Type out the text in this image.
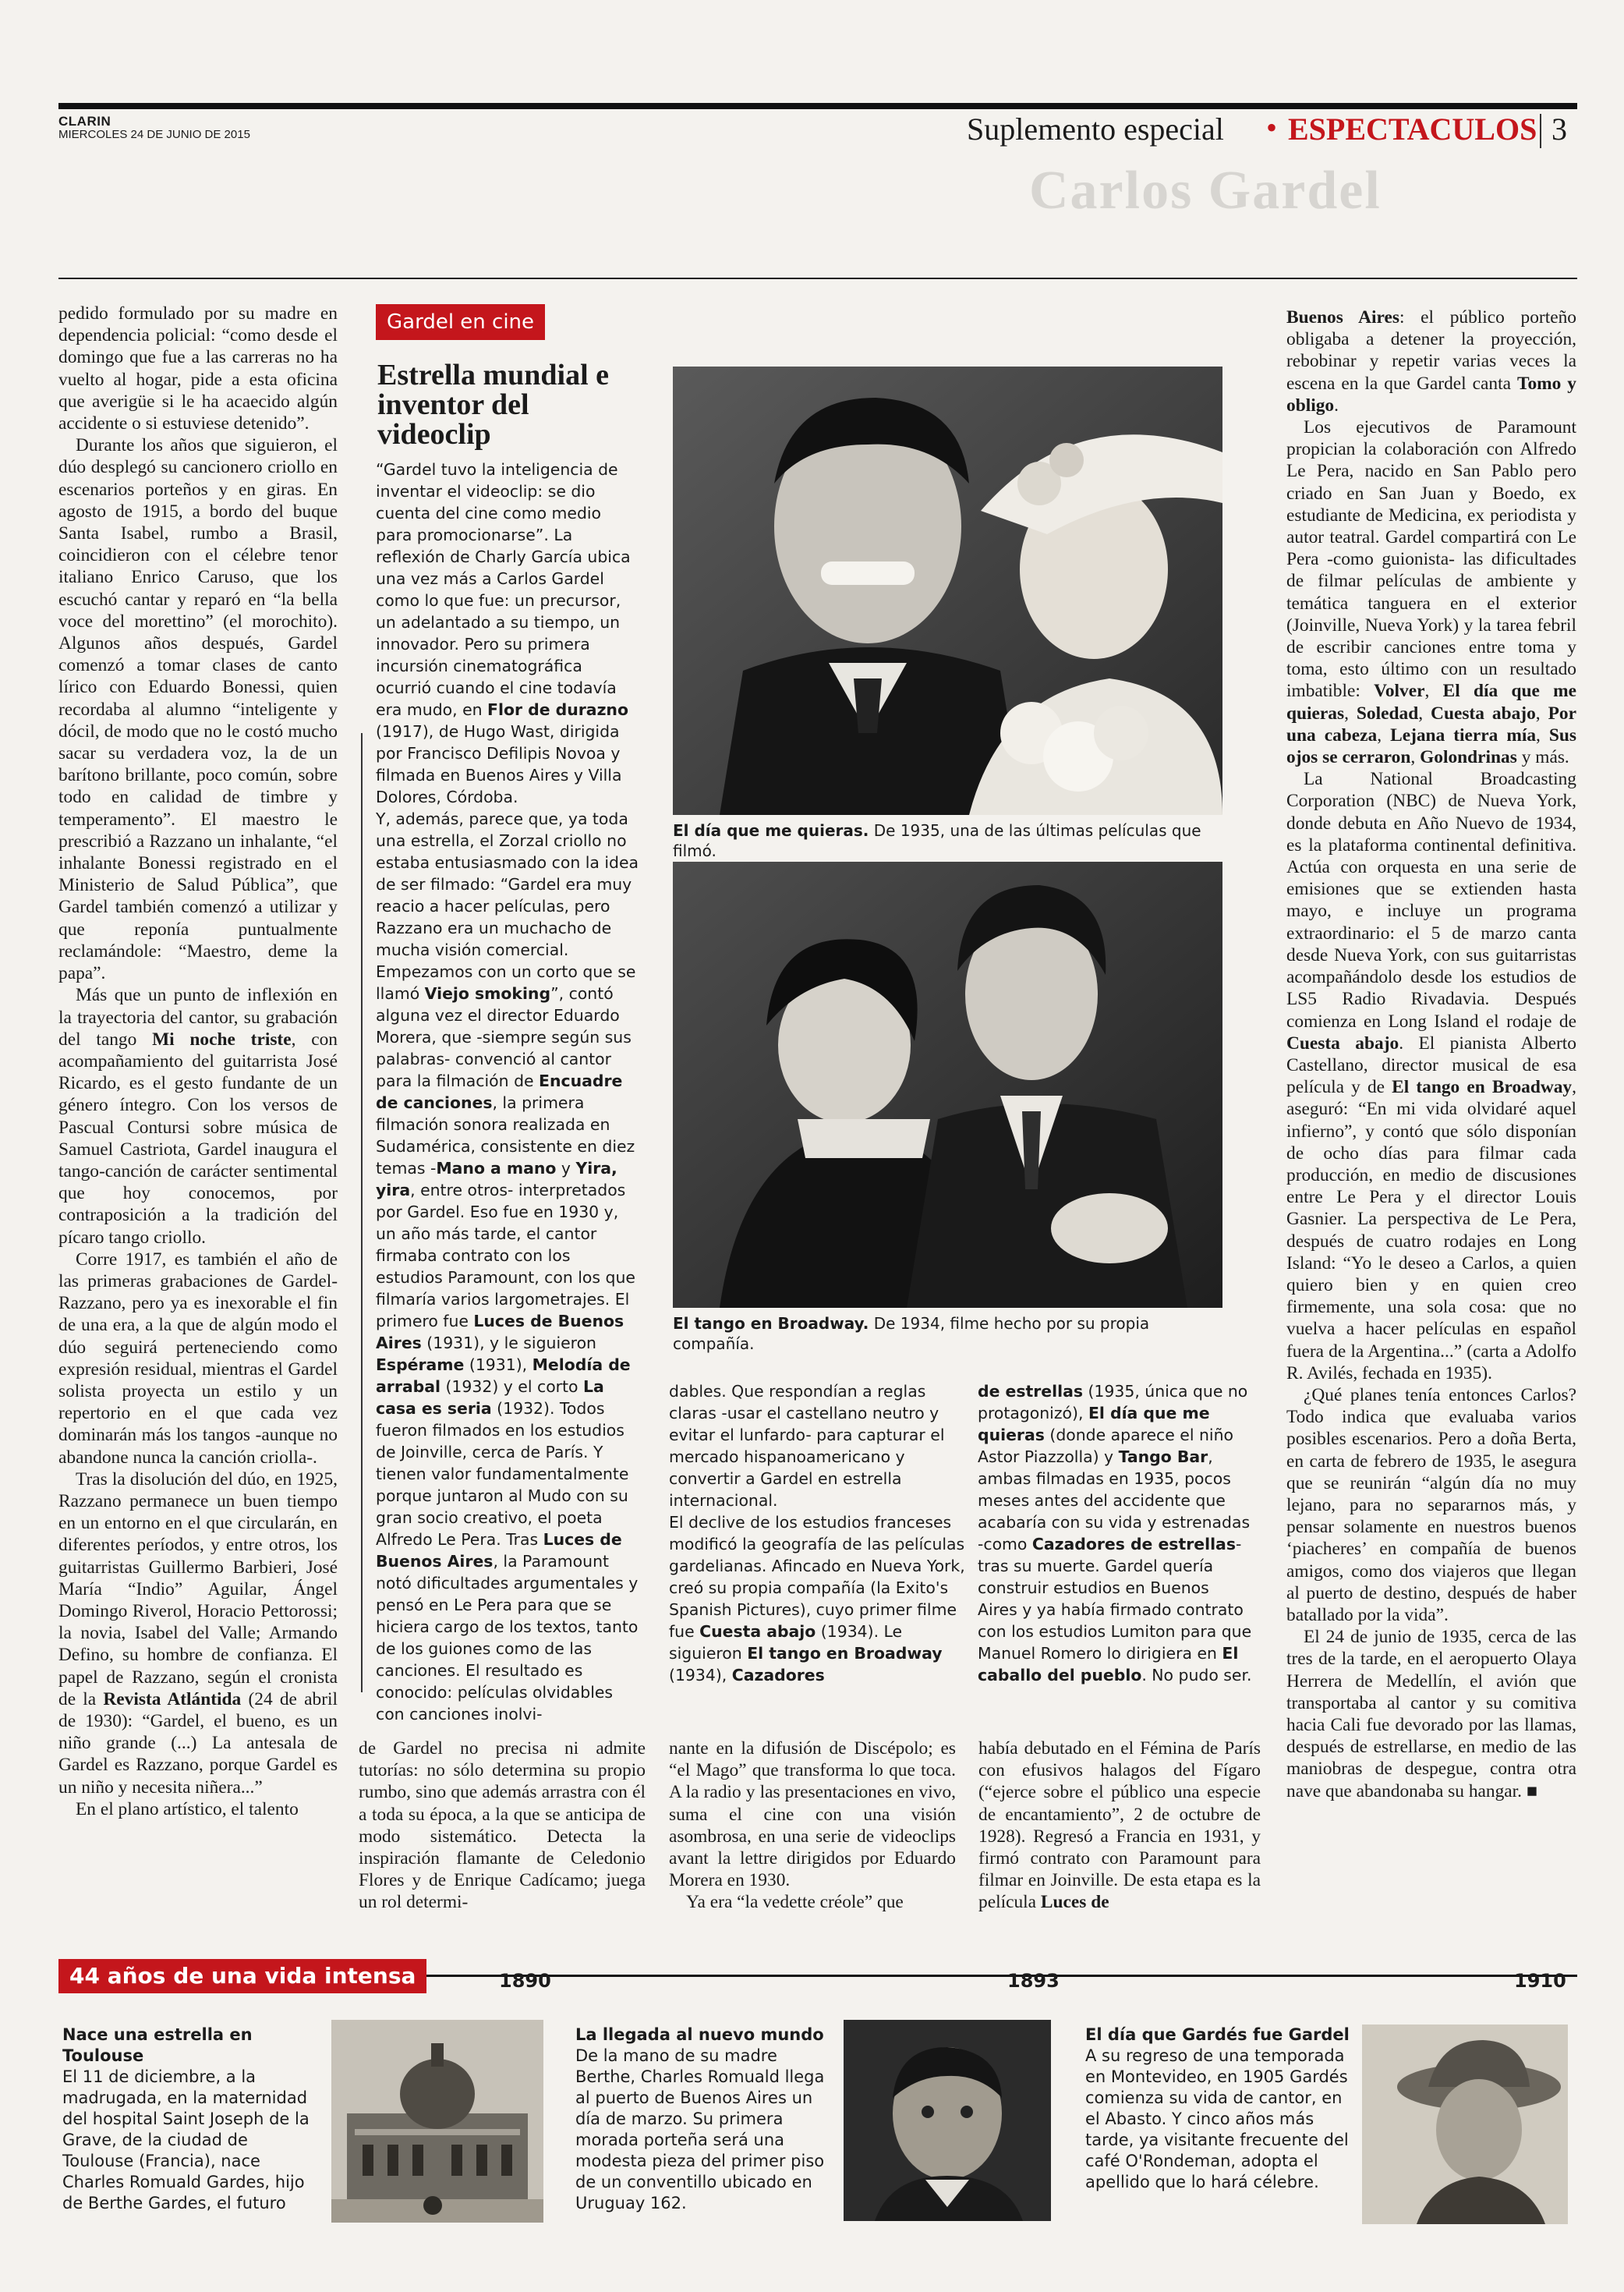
CLARIN
MIERCOLES 24 DE JUNIO DE 2015	Suplemento especial • ESPECTACULOS 3
Carlos Gardel

pedido formulado por su madre en dependencia policial: “como desde el domingo que fue a las carreras no ha vuelto al hogar, pide a esta oficina que averigüe si le ha acaecido algún accidente o si estuviese detenido”.

Durante los años que siguieron, el dúo desplegó su cancionero criollo en escenarios porteños y en giras. En agosto de 1915, a bordo del buque Santa Isabel, rumbo a Brasil, coincidieron con el célebre tenor italiano Enrico Caruso, que los escuchó cantar y reparó en “la bella voce del morettino” (el morochito). Algunos años después, Gardel comenzó a tomar clases de canto lírico con Eduardo Bonessi, quien recordaba al alumno “inteligente y dócil, de modo que no le costó mucho sacar su verdadera voz, la de un barítono brillante, poco común, sobre todo en calidad de timbre y temperamento”. El maestro le prescribió a Razzano un inhalante, “el inhalante Bonessi registrado en el Ministerio de Salud Pública”, que Gardel también comenzó a utilizar y que reponía puntualmente reclamándole: “Maestro, deme la papa”.

Más que un punto de inflexión en la trayectoria del cantor, su grabación del tango Mi noche triste, con acompañamiento del guitarrista José Ricardo, es el gesto fundante de un género íntegro. Con los versos de Pascual Contursi sobre música de Samuel Castriota, Gardel inaugura el tango-canción de carácter sentimental que hoy conocemos, por contraposición a la tradición del pícaro tango criollo.

Corre 1917, es también el año de las primeras grabaciones de Gardel-Razzano, pero ya es inexorable el fin de una era, a la que de algún modo el dúo seguirá perteneciendo como expresión residual, mientras el Gardel solista proyecta un estilo y un repertorio en el que cada vez dominarán más los tangos -aunque no abandone nunca la canción criolla-.

Tras la disolución del dúo, en 1925, Razzano permanece un buen tiempo en un entorno en el que circularán, en diferentes períodos, y entre otros, los guitarristas Guillermo Barbieri, José María “Indio” Aguilar, Ángel Domingo Riverol, Horacio Pettorossi; la novia, Isabel del Valle; Armando Defino, su hombre de confianza. El papel de Razzano, según el cronista de la Revista Atlántida (24 de abril de 1930): “Gardel, el bueno, es un niño grande (...) La antesala de Gardel es Razzano, porque Gardel es un niño y necesita niñera...”

En el plano artístico, el talento

Gardel en cine
Estrella mundial e inventor del videoclip

“Gardel tuvo la inteligencia de inventar el videoclip: se dio cuenta del cine como medio para promocionarse”. La reflexión de Charly García ubica una vez más a Carlos Gardel como lo que fue: un precursor, un adelantado a su tiempo, un innovador. Pero su primera incursión cinematográfica ocurrió cuando el cine todavía era mudo, en Flor de durazno (1917), de Hugo Wast, dirigida por Francisco Defilipis Novoa y filmada en Buenos Aires y Villa Dolores, Córdoba.

Y, además, parece que, ya toda una estrella, el Zorzal criollo no estaba entusiasmado con la idea de ser filmado: “Gardel era muy reacio a hacer películas, pero Razzano era un muchacho de mucha visión comercial. Empezamos con un corto que se llamó Viejo smoking”, contó alguna vez el director Eduardo Morera, que -siempre según sus palabras- convenció al cantor para la filmación de Encuadre de canciones, la primera filmación sonora realizada en Sudamérica, consistente en diez temas -Mano a mano y Yira, yira, entre otros- interpretados por Gardel. Eso fue en 1930 y, un año más tarde, el cantor firmaba contrato con los estudios Paramount, con los que filmaría varios largometrajes. El primero fue Luces de Buenos Aires (1931), y le siguieron Espérame (1931), Melodía de arrabal (1932) y el corto La casa es seria (1932). Todos fueron filmados en los estudios de Joinville, cerca de París. Y tienen valor fundamentalmente porque juntaron al Mudo con su gran socio creativo, el poeta Alfredo Le Pera. Tras Luces de Buenos Aires, la Paramount notó dificultades argumentales y pensó en Le Pera para que se hiciera cargo de los textos, tanto de los guiones como de las canciones. El resultado es conocido: películas olvidables con canciones inolvi-

dables. Que respondían a reglas claras -usar el castellano neutro y evitar el lunfardo- para capturar el mercado hispanoamericano y convertir a Gardel en estrella internacional.

El declive de los estudios franceses modificó la geografía de las películas gardelianas. Afincado en Nueva York, creó su propia compañía (la Exito's Spanish Pictures), cuyo primer filme fue Cuesta abajo (1934). Le siguieron El tango en Broadway (1934), Cazadores

de estrellas (1935, única que no protagonizó), El día que me quieras (donde aparece el niño Astor Piazzolla) y Tango Bar, ambas filmadas en 1935, pocos meses antes del accidente que acabaría con su vida y estrenadas -como Cazadores de estrellas- tras su muerte. Gardel quería construir estudios en Buenos Aires y ya había firmado contrato con los estudios Lumiton para que Manuel Romero lo dirigiera en El caballo del pueblo. No pudo ser.

El día que me quieras. De 1935, una de las últimas películas que filmó.
El tango en Broadway. De 1934, filme hecho por su propia compañía.

de Gardel no precisa ni admite tutorías: no sólo determina su propio rumbo, sino que además arrastra con él a toda su época, a la que se anticipa de modo sistemático. Detecta la inspiración flamante de Celedonio Flores y de Enrique Cadícamo; juega un rol determi-

nante en la difusión de Discépolo; es “el Mago” que transforma lo que toca. A la radio y las presentaciones en vivo, suma el cine con una visión asombrosa, en una serie de videoclips avant la lettre dirigidos por Eduardo Morera en 1930.

Ya era “la vedette créole” que

había debutado en el Fémina de París con efusivos halagos del Fígaro (“ejerce sobre el público una especie de encantamiento”, 2 de octubre de 1928). Regresó a Francia en 1931, y firmó contrato con Paramount para filmar en Joinville. De esta etapa es la película Luces de

Buenos Aires: el público porteño obligaba a detener la proyección, rebobinar y repetir varias veces la escena en la que Gardel canta Tomo y obligo.

Los ejecutivos de Paramount propician la colaboración con Alfredo Le Pera, nacido en San Pablo pero criado en San Juan y Boedo, ex estudiante de Medicina, ex periodista y autor teatral. Gardel compartirá con Le Pera -como guionista- las dificultades de filmar películas de ambiente y temática tanguera en el exterior (Joinville, Nueva York) y la tarea febril de escribir canciones entre toma y toma, esto último con un resultado imbatible: Volver, El día que me quieras, Soledad, Cuesta abajo, Por una cabeza, Lejana tierra mía, Sus ojos se cerraron, Golondrinas y más.

La National Broadcasting Corporation (NBC) de Nueva York, donde debuta en Año Nuevo de 1934, es la plataforma continental definitiva. Actúa con orquesta en una serie de emisiones que se extienden hasta mayo, e incluye un programa extraordinario: el 5 de marzo canta desde Nueva York, con sus guitarristas acompañándolo desde los estudios de LS5 Radio Rivadavia. Después comienza en Long Island el rodaje de Cuesta abajo. El pianista Alberto Castellano, director musical de esa película y de El tango en Broadway, aseguró: “En mi vida olvidaré aquel infierno”, y contó que sólo disponían de ocho días para filmar cada producción, en medio de discusiones entre Le Pera y el director Louis Gasnier. La perspectiva de Le Pera, después de cuatro rodajes en Long Island: “Yo le deseo a Carlos, a quien quiero bien y en quien creo firmemente, una sola cosa: que no vuelva a hacer películas en español fuera de la Argentina...” (carta a Adolfo R. Avilés, fechada en 1935).

¿Qué planes tenía entonces Carlos? Todo indica que evaluaba varios posibles escenarios. Pero a doña Berta, en carta de febrero de 1935, le asegura que se reunirán “algún día no muy lejano, para no separarnos más, y pensar solamente en nuestros buenos ‘piacheres’ en compañía de buenos amigos, como dos viajeros que llegan al puerto de destino, después de haber batallado por la vida”.

El 24 de junio de 1935, cerca de las tres de la tarde, en el aeropuerto Olaya Herrera de Medellín, el avión que transportaba al cantor y su comitiva hacia Cali fue devorado por las llamas, después de estrellarse, en medio de las maniobras de despegue, contra otra nave que abandonaba su hangar. ■

44 años de una vida intensa	1890	1893	1910

Nace una estrella en Toulouse

El 11 de diciembre, a la madrugada, en la maternidad del hospital Saint Joseph de la Grave, de la ciudad de Toulouse (Francia), nace Charles Romuald Gardes, hijo de Berthe Gardes, el futuro

La llegada al nuevo mundo

De la mano de su madre Berthe, Charles Romuald llega al puerto de Buenos Aires un día de marzo. Su primera morada porteña será una modesta pieza del primer piso de un conventillo ubicado en Uruguay 162.

El día que Gardés fue Gardel

A su regreso de una temporada en Montevideo, en 1905 Gardés comienza su vida de cantor, en el Abasto. Y cinco años más tarde, ya visitante frecuente del café O'Rondeman, adopta el apellido que lo hará célebre.
